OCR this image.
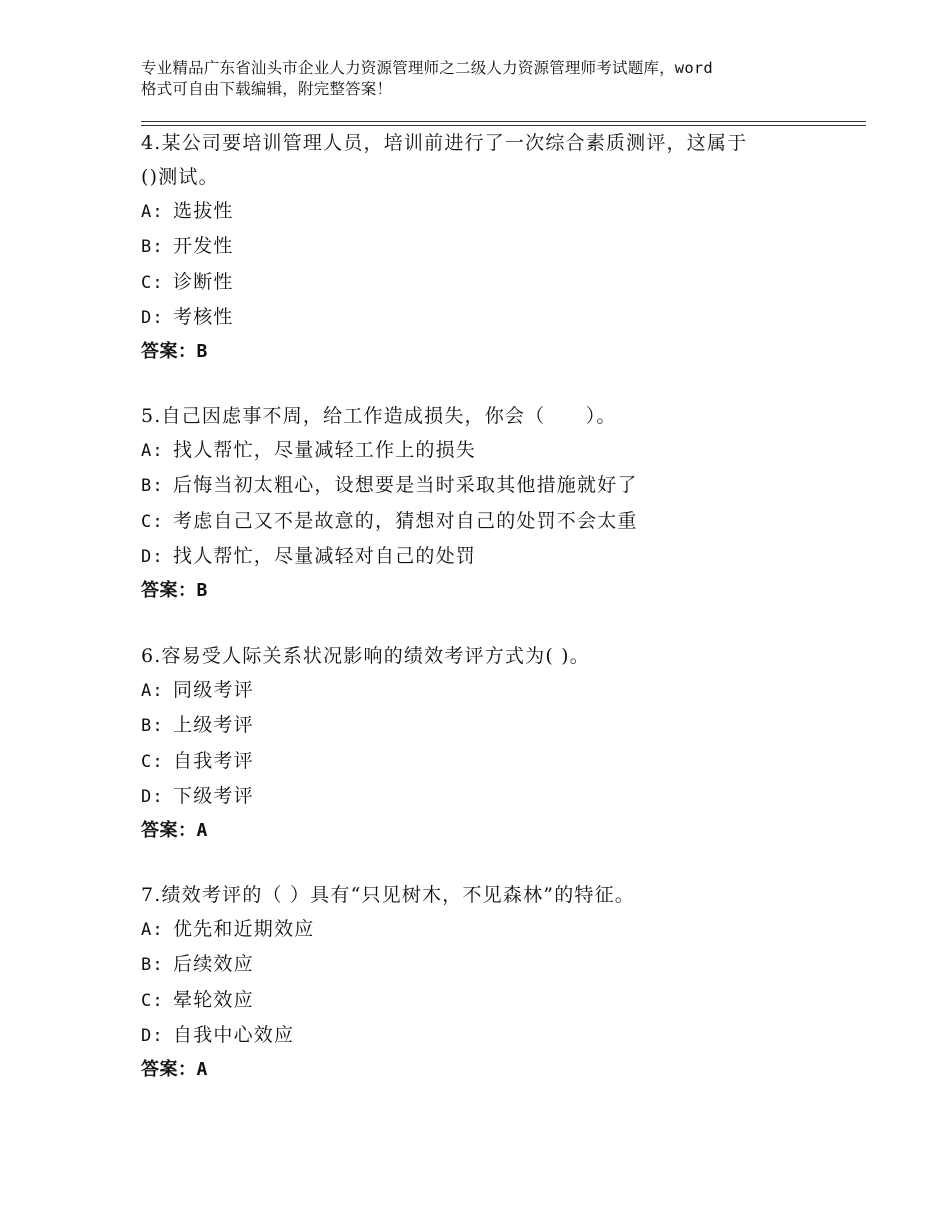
专业精品广东省汕头市企业人力资源管理师之二级人力资源管理师考试题库，word
格式可自由下载编辑，附完整答案！

4.某公司要培训管理人员，培训前进行了一次综合素质测评，这属于

()测试。

A: 选拔性

B: 开发性

C: 诊断性

D: 考核性

答案：B

5.自己因虑事不周，给工作造成损失，你会（　　）。

A: 找人帮忙，尽量减轻工作上的损失

B: 后悔当初太粗心，设想要是当时采取其他措施就好了

C: 考虑自己又不是故意的，猜想对自己的处罚不会太重

D: 找人帮忙，尽量减轻对自己的处罚

答案：B

6.容易受人际关系状况影响的绩效考评方式为( )。

A: 同级考评

B: 上级考评

C: 自我考评

D: 下级考评

答案：A

7.绩效考评的（ ）具有“只见树木，不见森林”的特征。

A: 优先和近期效应

B: 后续效应

C: 晕轮效应

D: 自我中心效应

答案：A
